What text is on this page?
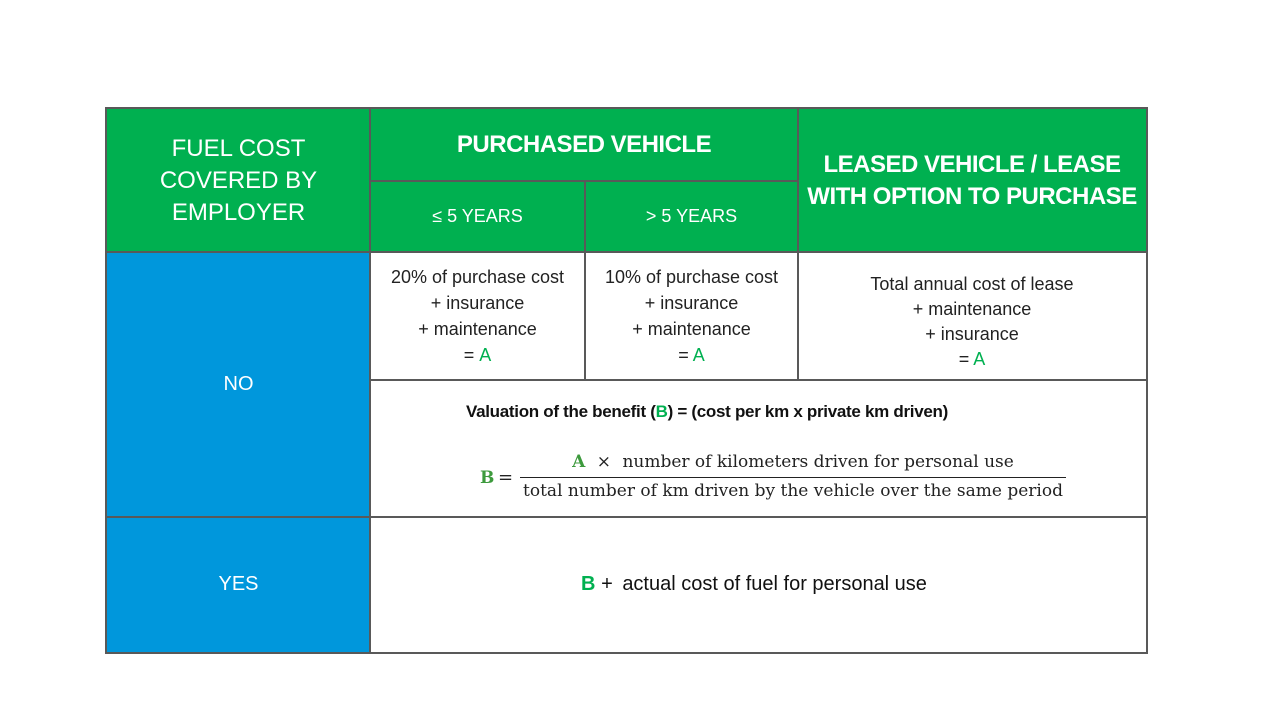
FUEL COST
COVERED BY
EMPLOYER
PURCHASED VEHICLE
≤ 5 YEARS	> 5 YEARS
LEASED VEHICLE / LEASE
WITH OPTION TO PURCHASE
NO
20% of purchase cost
+ insurance
+ maintenance
= A
10% of purchase cost
+ insurance
+ maintenance
= A
Total annual cost of lease
+ maintenance
+ insurance
= A
Valuation of the benefit (B) = (cost per km x private km driven)
B =
A × number of kilometers driven for personal use
total number of km driven by the vehicle over the same period
YES	B + actual cost of fuel for personal use
